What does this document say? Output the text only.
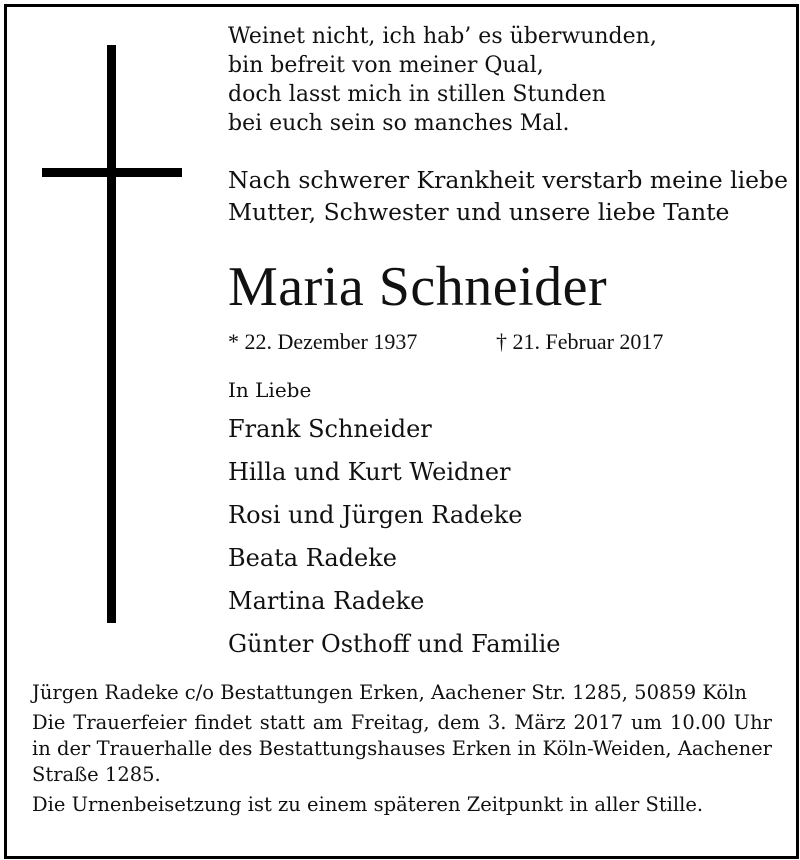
Weinet nicht, ich hab’ es überwunden,
bin befreit von meiner Qual,
doch lasst mich in stillen Stunden
bei euch sein so manches Mal.
Nach schwerer Krankheit verstarb meine liebe
Mutter, Schwester und unsere liebe Tante
Maria Schneider
* 22. Dezember 1937	† 21. Februar 2017
In Liebe
Frank Schneider
Hilla und Kurt Weidner
Rosi und Jürgen Radeke
Beata Radeke
Martina Radeke
Günter Osthoff und Familie
Jürgen Radeke c/o Bestattungen Erken, Aachener Str. 1285, 50859 Köln
Die Trauerfeier findet statt am Freitag, dem 3. März 2017 um 10.00 Uhr in der Trauerhalle des Bestattungshauses Erken in Köln-Weiden, Aachener Straße 1285.
Die Urnenbeisetzung ist zu einem späteren Zeitpunkt in aller Stille.
